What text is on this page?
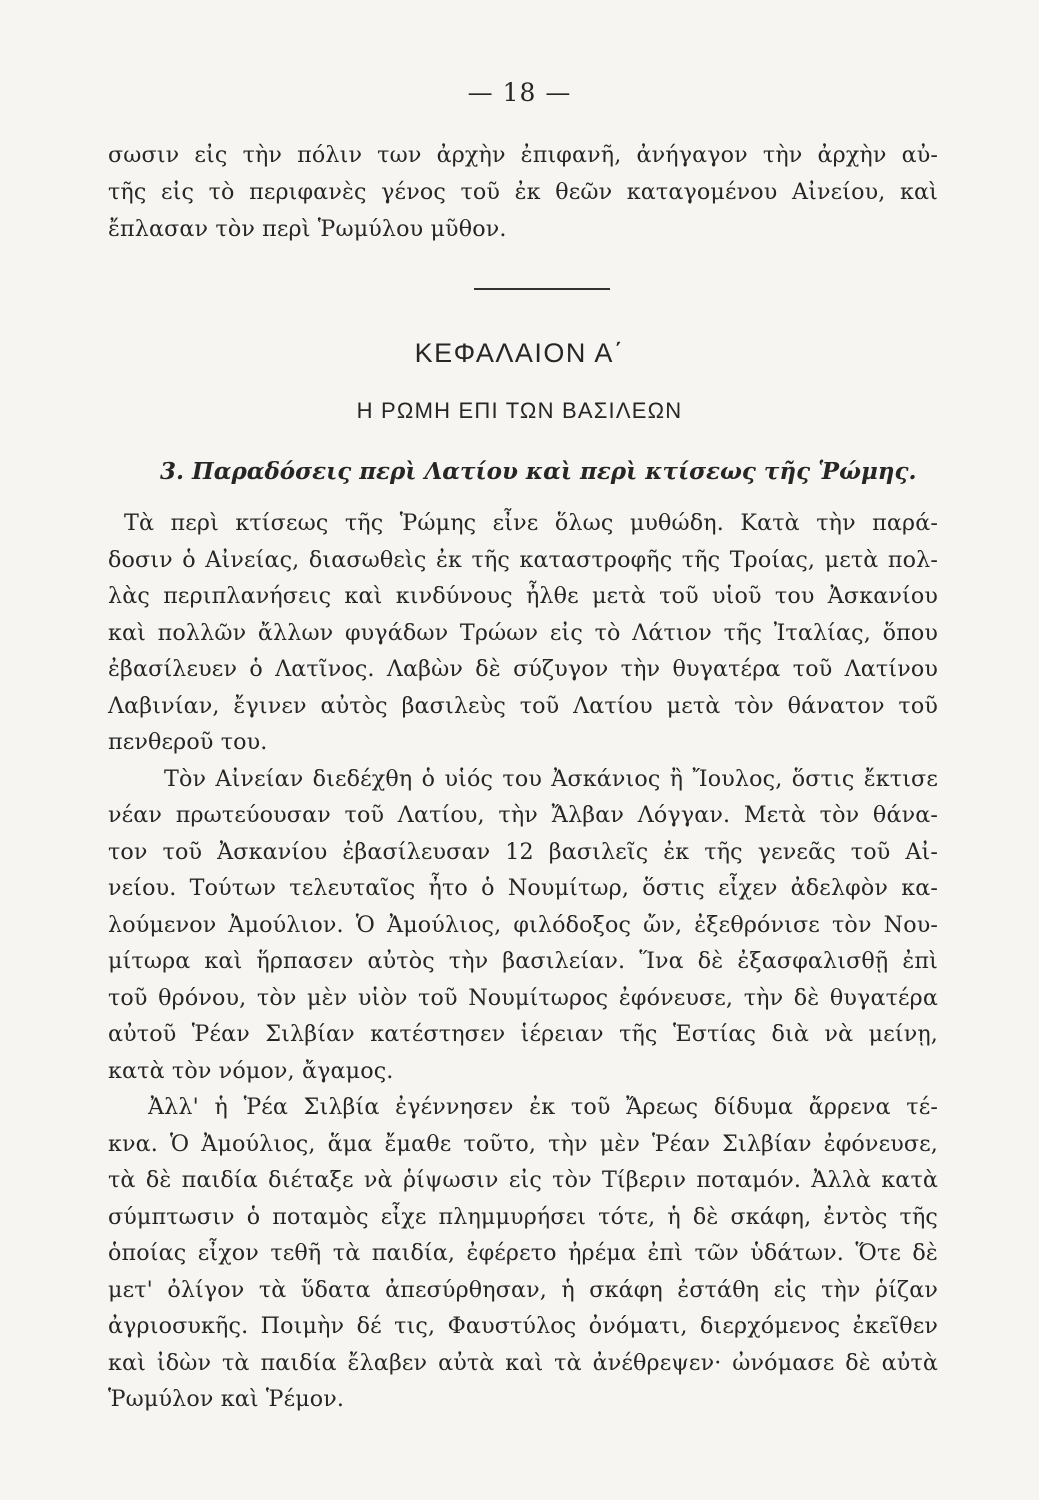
— 18 —
σωσιν εἰς τὴν πόλιν των ἀρχὴν ἐπιφανῆ, ἀνήγαγον τὴν ἀρχὴν αὐ-
τῆς εἰς τὸ περιφανὲς γένος τοῦ ἐκ θεῶν καταγομένου Αἰνείου, καὶ
ἔπλασαν τὸν περὶ Ῥωμύλου μῦθον.
ΚΕΦΑΛΑΙΟΝ Α΄
Η ΡΩΜΗ ΕΠΙ ΤΩΝ ΒΑΣΙΛΕΩΝ
3. Παραδόσεις περὶ Λατίου καὶ περὶ κτίσεως τῆς Ῥώμης.
Τὰ περὶ κτίσεως τῆς Ῥώμης εἶνε ὅλως μυθώδη. Κατὰ τὴν παρά-
δοσιν ὁ Αἰνείας, διασωθεὶς ἐκ τῆς καταστροφῆς τῆς Τροίας, μετὰ πολ-
λὰς περιπλανήσεις καὶ κινδύνους ἦλθε μετὰ τοῦ υἱοῦ του Ἀσκανίου
καὶ πολλῶν ἄλλων φυγάδων Τρώων εἰς τὸ Λάτιον τῆς Ἰταλίας, ὅπου
ἐβασίλευεν ὁ Λατῖνος. Λαβὼν δὲ σύζυγον τὴν θυγατέρα τοῦ Λατίνου
Λαβινίαν, ἔγινεν αὐτὸς βασιλεὺς τοῦ Λατίου μετὰ τὸν θάνατον τοῦ
πενθεροῦ του.
Τὸν Αἰνείαν διεδέχθη ὁ υἱός του Ἀσκάνιος ἢ Ἴουλος, ὅστις ἔκτισε
νέαν πρωτεύουσαν τοῦ Λατίου, τὴν Ἄλβαν Λόγγαν. Μετὰ τὸν θάνα-
τον τοῦ Ἀσκανίου ἐβασίλευσαν 12 βασιλεῖς ἐκ τῆς γενεᾶς τοῦ Αἰ-
νείου. Τούτων τελευταῖος ἦτο ὁ Νουμίτωρ, ὅστις εἶχεν ἀδελφὸν κα-
λούμενον Ἀμούλιον. Ὁ Ἀμούλιος, φιλόδοξος ὤν, ἐξεθρόνισε τὸν Νου-
μίτωρα καὶ ἥρπασεν αὐτὸς τὴν βασιλείαν. Ἵνα δὲ ἐξασφαλισθῇ ἐπὶ
τοῦ θρόνου, τὸν μὲν υἱὸν τοῦ Νουμίτωρος ἐφόνευσε, τὴν δὲ θυγατέρα
αὐτοῦ Ῥέαν Σιλβίαν κατέστησεν ἱέρειαν τῆς Ἑστίας διὰ νὰ μείνῃ,
κατὰ τὸν νόμον, ἄγαμος.
Ἀλλ' ἡ Ῥέα Σιλβία ἐγέννησεν ἐκ τοῦ Ἄρεως δίδυμα ἄρρενα τέ-
κνα. Ὁ Ἀμούλιος, ἅμα ἔμαθε τοῦτο, τὴν μὲν Ῥέαν Σιλβίαν ἐφόνευσε,
τὰ δὲ παιδία διέταξε νὰ ῥίψωσιν εἰς τὸν Τίβεριν ποταμόν. Ἀλλὰ κατὰ
σύμπτωσιν ὁ ποταμὸς εἶχε πλημμυρήσει τότε, ἡ δὲ σκάφη, ἐντὸς τῆς
ὁποίας εἶχον τεθῆ τὰ παιδία, ἐφέρετο ἠρέμα ἐπὶ τῶν ὑδάτων. Ὅτε δὲ
μετ' ὀλίγον τὰ ὕδατα ἀπεσύρθησαν, ἡ σκάφη ἐστάθη εἰς τὴν ῥίζαν
ἀγριοσυκῆς. Ποιμὴν δέ τις, Φαυστύλος ὀνόματι, διερχόμενος ἐκεῖθεν
καὶ ἰδὼν τὰ παιδία ἔλαβεν αὐτὰ καὶ τὰ ἀνέθρεψεν· ὠνόμασε δὲ αὐτὰ
Ῥωμύλον καὶ Ῥέμον.
